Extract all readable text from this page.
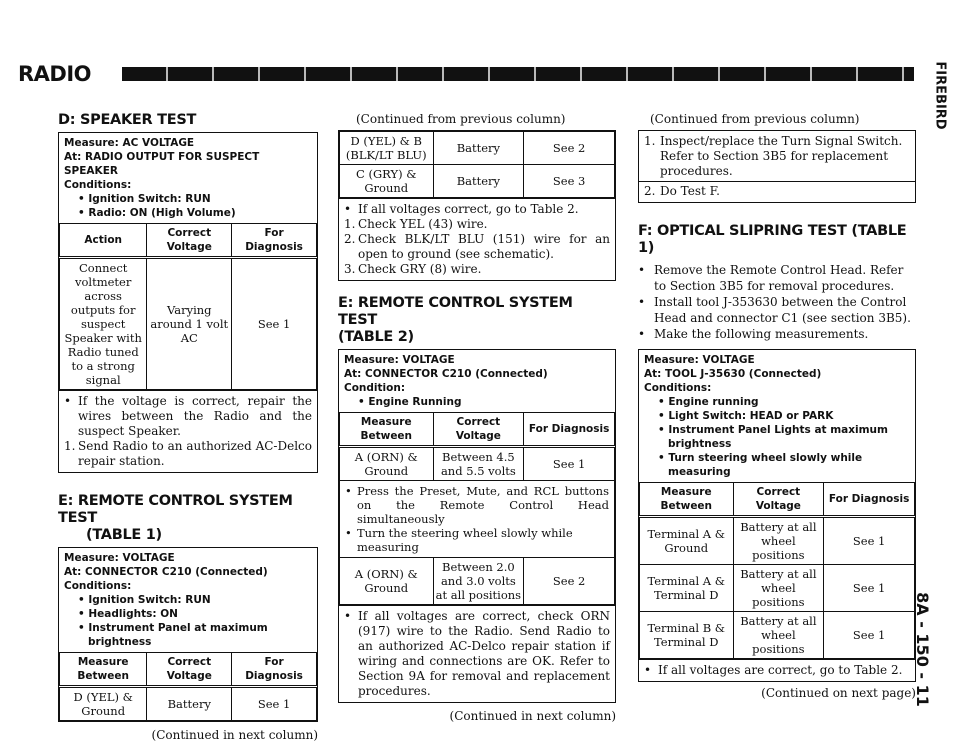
RADIO	FIREBIRD
8A - 150 - 11
D: SPEAKER TEST
Measure: AC VOLTAGE
At: RADIO OUTPUT FOR SUSPECT SPEAKER
Conditions:
• Ignition Switch: RUN
• Radio: ON (High Volume)
Action	Correct Voltage	For Diagnosis
Connect voltmeter across outputs for suspect Speaker with Radio tuned to a strong signal	Varying around 1 volt AC	See 1
• If the voltage is correct, repair the wires between the Radio and the suspect Speaker.
1. Send Radio to an authorized AC-Delco repair station.
E: REMOTE CONTROL SYSTEM TEST
(TABLE 1)
Measure: VOLTAGE
At: CONNECTOR C210 (Connected)
Conditions:
• Ignition Switch: RUN
• Headlights: ON
• Instrument Panel at maximum
brightness
Measure Between	Correct Voltage	For Diagnosis
D (YEL) & Ground	Battery	See 1
(Continued in next column)
(Continued from previous column)
D (YEL) & B (BLK/LT BLU)	Battery	See 2
C (GRY) & Ground	Battery	See 3
• If all voltages correct, go to Table 2.
1. Check YEL (43) wire.
2. Check BLK/LT BLU (151) wire for an open to ground (see schematic).
3. Check GRY (8) wire.
E: REMOTE CONTROL SYSTEM TEST
(TABLE 2)
Measure: VOLTAGE
At: CONNECTOR C210 (Connected)
Condition:
• Engine Running
Measure Between	Correct Voltage	For Diagnosis
A (ORN) & Ground	Between 4.5 and 5.5 volts	See 1

• Press the Preset, Mute, and RCL buttons on the Remote Control Head simultaneously
• Turn the steering wheel slowly while measuring		

A (ORN) & Ground	Between 2.0 and 3.0 volts at all positions	See 2
• If all voltages are correct, check ORN (917) wire to the Radio. Send Radio to an authorized AC-Delco repair station if wiring and connections are OK. Refer to Section 9A for removal and replacement procedures.
(Continued in next column)
(Continued from previous column)
1. Inspect/replace the Turn Signal Switch. Refer to Section 3B5 for replacement procedures.
2. Do Test F.
F: OPTICAL SLIPRING TEST (TABLE 1)
• Remove the Remote Control Head. Refer to Section 3B5 for removal procedures.
• Install tool J-353630 between the Control Head and connector C1 (see section 3B5).
• Make the following measurements.
Measure: VOLTAGE
At: TOOL J-35630 (Connected)
Conditions:
• Engine running
• Light Switch: HEAD or PARK
• Instrument Panel Lights at maximum
brightness
• Turn steering wheel slowly while
measuring
Measure Between	Correct Voltage	For Diagnosis
Terminal A & Ground	Battery at all wheel positions	See 1
Terminal A & Terminal D	Battery at all wheel positions	See 1
Terminal B & Terminal D	Battery at all wheel positions	See 1
• If all voltages are correct, go to Table 2.
(Continued on next page)
